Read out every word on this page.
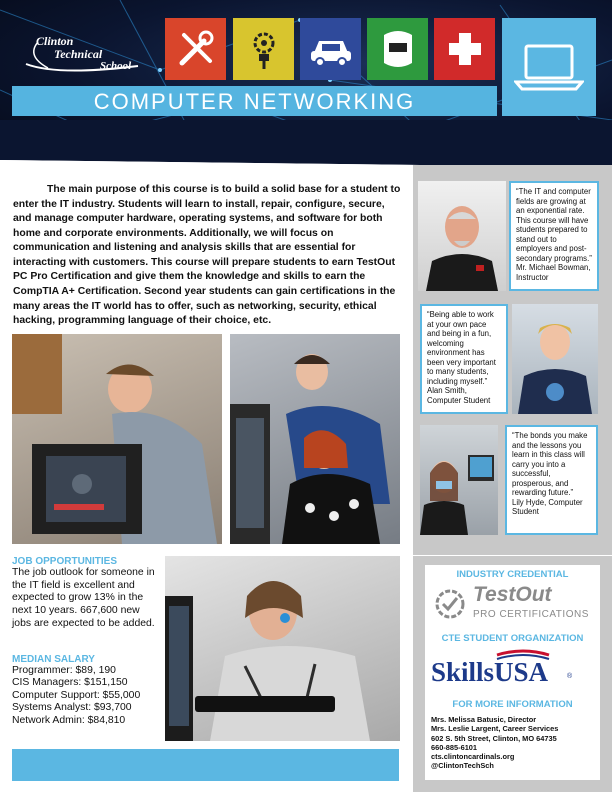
Clinton
Technical
School
COMPUTER NETWORKING
“The IT and computer fields are growing at an exponential rate. This course will have students prepared to stand out to employers and post-secondary programs.”
Mr. Michael Bowman, Instructor
“Being able to work at your own pace and being in a fun, welcoming environment has been very important to many students, including myself.”
Alan Smith, Computer Student
“The bonds you make and the lessons you learn in this class will carry you into a successful, prosperous, and rewarding future.”
Lily Hyde, Computer Student
The main purpose of this course is to build a solid base for a student to enter the IT industry. Students will learn to install, repair, configure, secure, and manage computer hardware, operating systems, and software for both home and corporate environments. Additionally, we will focus on communication and listening and analysis skills that are essential for interacting with customers. This course will prepare students to earn TestOut PC Pro Certification and give them the knowledge and skills to earn the CompTIA A+ Certification. Second year students can gain certifications in the many areas the IT world has to offer, such as networking, security, ethical hacking, programming language of their choice, etc.
JOB OPPORTUNITIES

The job outlook for someone in the IT field is excellent and expected to grow 13% in the next 10 years. 667,600 new jobs are expected to be added.

MEDIAN SALARY
Programmer: $89, 190
CIS Managers: $151,150
Computer Support: $55,000
Systems Analyst: $93,700
Network Admin: $84,810
INDUSTRY CREDENTIAL
TestOut
PRO CERTIFICATIONS
CTE STUDENT ORGANIZATION
SkillsUSA	®
FOR MORE INFORMATION
Mrs. Melissa Batusic, Director
Mrs. Leslie Largent, Career Services
602 S. 5th Street, Clinton, MO 64735
660-885-6101
cts.clintoncardinals.org
@ClintonTechSch
